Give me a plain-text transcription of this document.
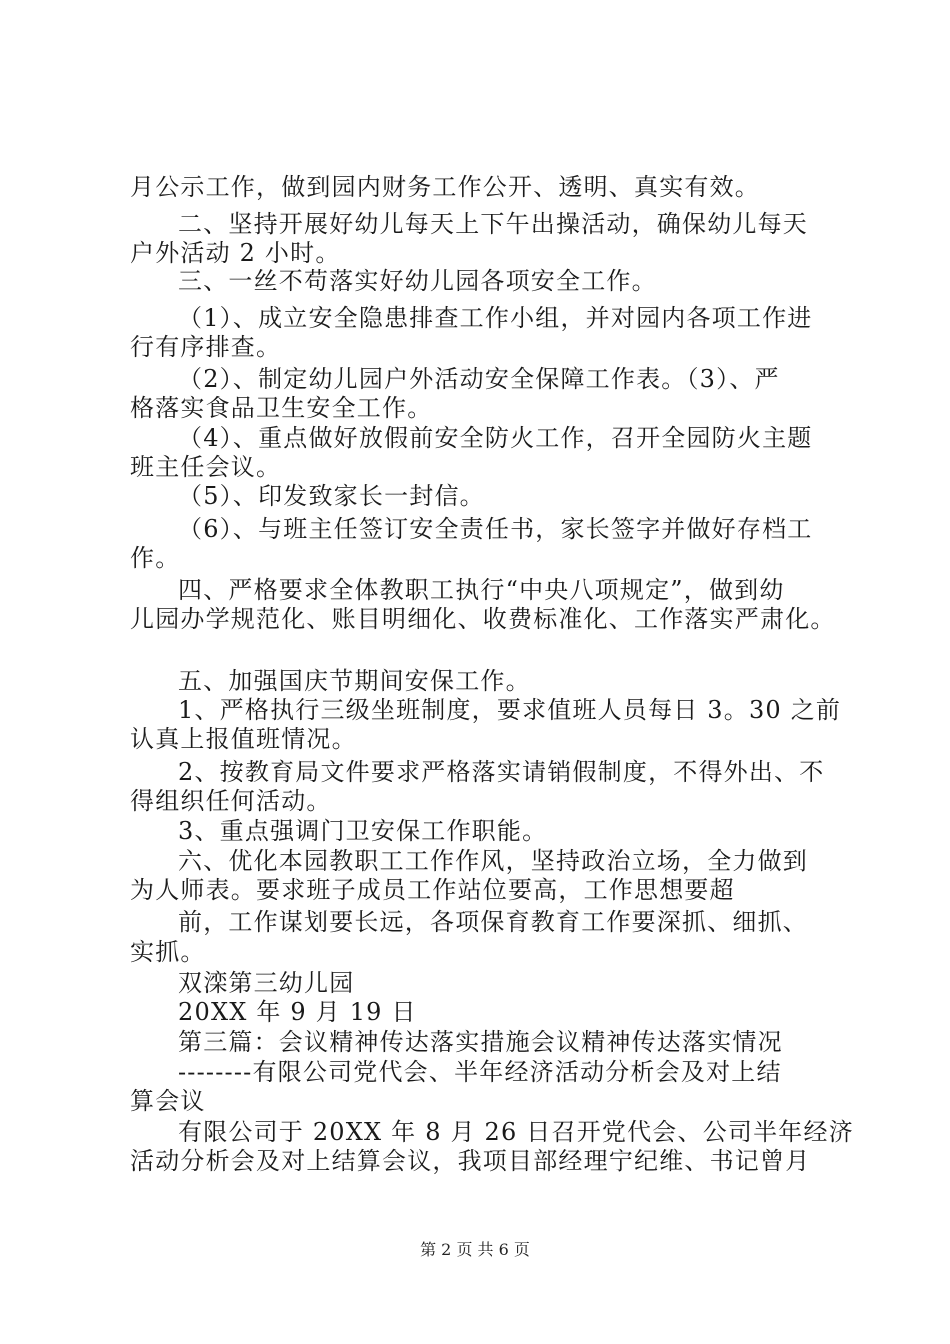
月公示工作，做到园内财务工作公开、透明、真实有效。
二、坚持开展好幼儿每天上下午出操活动，确保幼儿每天
户外活动 2 小时。
三、一丝不苟落实好幼儿园各项安全工作。
（1）、成立安全隐患排查工作小组，并对园内各项工作进
行有序排查。
（2）、制定幼儿园户外活动安全保障工作表。（3）、严
格落实食品卫生安全工作。
（4）、重点做好放假前安全防火工作，召开全园防火主题
班主任会议。
（5）、印发致家长一封信。
（6）、与班主任签订安全责任书，家长签字并做好存档工
作。
四、严格要求全体教职工执行“中央八项规定”，做到幼
儿园办学规范化、账目明细化、收费标准化、工作落实严肃化。
五、加强国庆节期间安保工作。
1、严格执行三级坐班制度，要求值班人员每日 3。30 之前
认真上报值班情况。
2、按教育局文件要求严格落实请销假制度，不得外出、不
得组织任何活动。
3、重点强调门卫安保工作职能。
六、优化本园教职工工作作风，坚持政治立场，全力做到
为人师表。要求班子成员工作站位要高，工作思想要超
前，工作谋划要长远，各项保育教育工作要深抓、细抓、
实抓。
双滦第三幼儿园
20XX 年 9 月 19 日
第三篇：会议精神传达落实措施会议精神传达落实情况
--------有限公司党代会、半年经济活动分析会及对上结
算会议
有限公司于 20XX 年 8 月 26 日召开党代会、公司半年经济
活动分析会及对上结算会议，我项目部经理宁纪维、书记曾月
第 2 页 共 6 页
